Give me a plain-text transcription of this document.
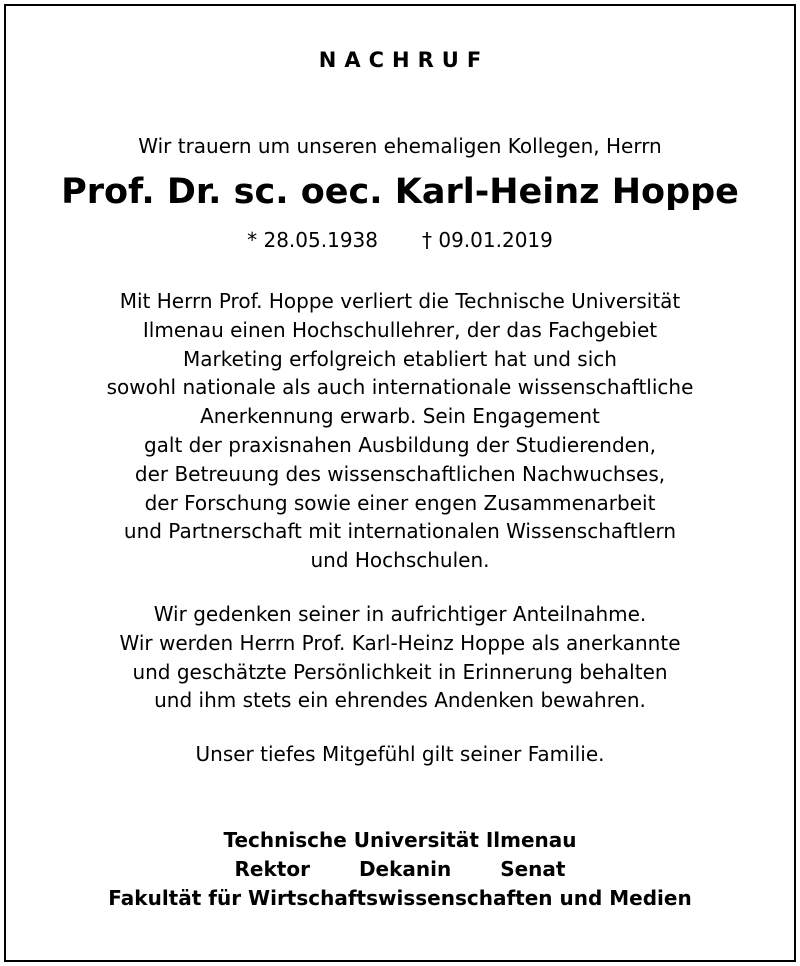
NACHRUF
Wir trauern um unseren ehemaligen Kollegen, Herrn
Prof. Dr. sc. oec. Karl-Heinz Hoppe
* 28.05.1938 † 09.01.2019
Mit Herrn Prof. Hoppe verliert die Technische Universität
Ilmenau einen Hochschullehrer, der das Fachgebiet
Marketing erfolgreich etabliert hat und sich
sowohl nationale als auch internationale wissenschaftliche
Anerkennung erwarb. Sein Engagement
galt der praxisnahen Ausbildung der Studierenden,
der Betreuung des wissenschaftlichen Nachwuchses,
der Forschung sowie einer engen Zusammenarbeit
und Partnerschaft mit internationalen Wissenschaftlern
und Hochschulen.
Wir gedenken seiner in aufrichtiger Anteilnahme.
Wir werden Herrn Prof. Karl-Heinz Hoppe als anerkannte
und geschätzte Persönlichkeit in Erinnerung behalten
und ihm stets ein ehrendes Andenken bewahren.
Unser tiefes Mitgefühl gilt seiner Familie.
Technische Universität Ilmenau
Rektor Dekanin Senat
Fakultät für Wirtschaftswissenschaften und Medien
